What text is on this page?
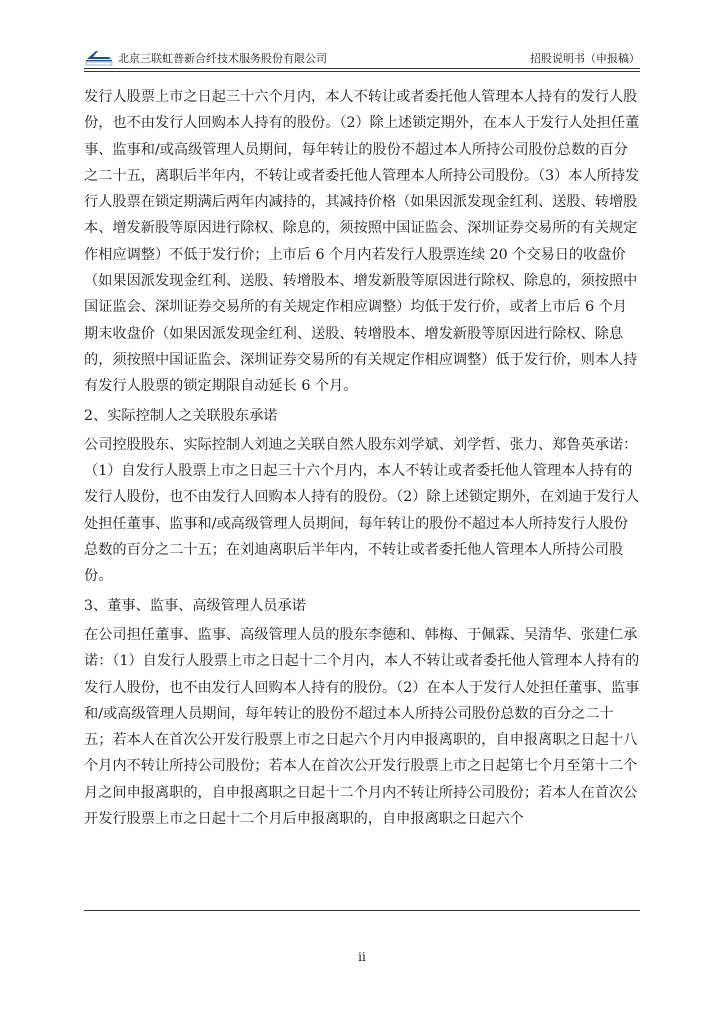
北京三联虹普新合纤技术服务股份有限公司	招股说明书（申报稿）

发行人股票上市之日起三十六个月内，本人不转让或者委托他人管理本人持有的发行人股份，也不由发行人回购本人持有的股份。（2）除上述锁定期外，在本人于发行人处担任董事、监事和/或高级管理人员期间，每年转让的股份不超过本人所持公司股份总数的百分之二十五，离职后半年内，不转让或者委托他人管理本人所持公司股份。（3）本人所持发行人股票在锁定期满后两年内减持的，其减持价格（如果因派发现金红利、送股、转增股本、增发新股等原因进行除权、除息的，须按照中国证监会、深圳证券交易所的有关规定作相应调整）不低于发行价；上市后 6 个月内若发行人股票连续 20 个交易日的收盘价（如果因派发现金红利、送股、转增股本、增发新股等原因进行除权、除息的，须按照中国证监会、深圳证券交易所的有关规定作相应调整）均低于发行价，或者上市后 6 个月期末收盘价（如果因派发现金红利、送股、转增股本、增发新股等原因进行除权、除息的，须按照中国证监会、深圳证券交易所的有关规定作相应调整）低于发行价，则本人持有发行人股票的锁定期限自动延长 6 个月。

2、实际控制人之关联股东承诺

公司控股股东、实际控制人刘迪之关联自然人股东刘学斌、刘学哲、张力、郑鲁英承诺：（1）自发行人股票上市之日起三十六个月内，本人不转让或者委托他人管理本人持有的发行人股份，也不由发行人回购本人持有的股份。（2）除上述锁定期外，在刘迪于发行人处担任董事、监事和/或高级管理人员期间，每年转让的股份不超过本人所持发行人股份总数的百分之二十五；在刘迪离职后半年内，不转让或者委托他人管理本人所持公司股份。

3、董事、监事、高级管理人员承诺

在公司担任董事、监事、高级管理人员的股东李德和、韩梅、于佩霖、吴清华、张建仁承诺：（1）自发行人股票上市之日起十二个月内，本人不转让或者委托他人管理本人持有的发行人股份，也不由发行人回购本人持有的股份。（2）在本人于发行人处担任董事、监事和/或高级管理人员期间，每年转让的股份不超过本人所持公司股份总数的百分之二十五；若本人在首次公开发行股票上市之日起六个月内申报离职的，自申报离职之日起十八个月内不转让所持公司股份；若本人在首次公开发行股票上市之日起第七个月至第十二个月之间申报离职的，自申报离职之日起十二个月内不转让所持公司股份；若本人在首次公开发行股票上市之日起十二个月后申报离职的，自申报离职之日起六个

ii
